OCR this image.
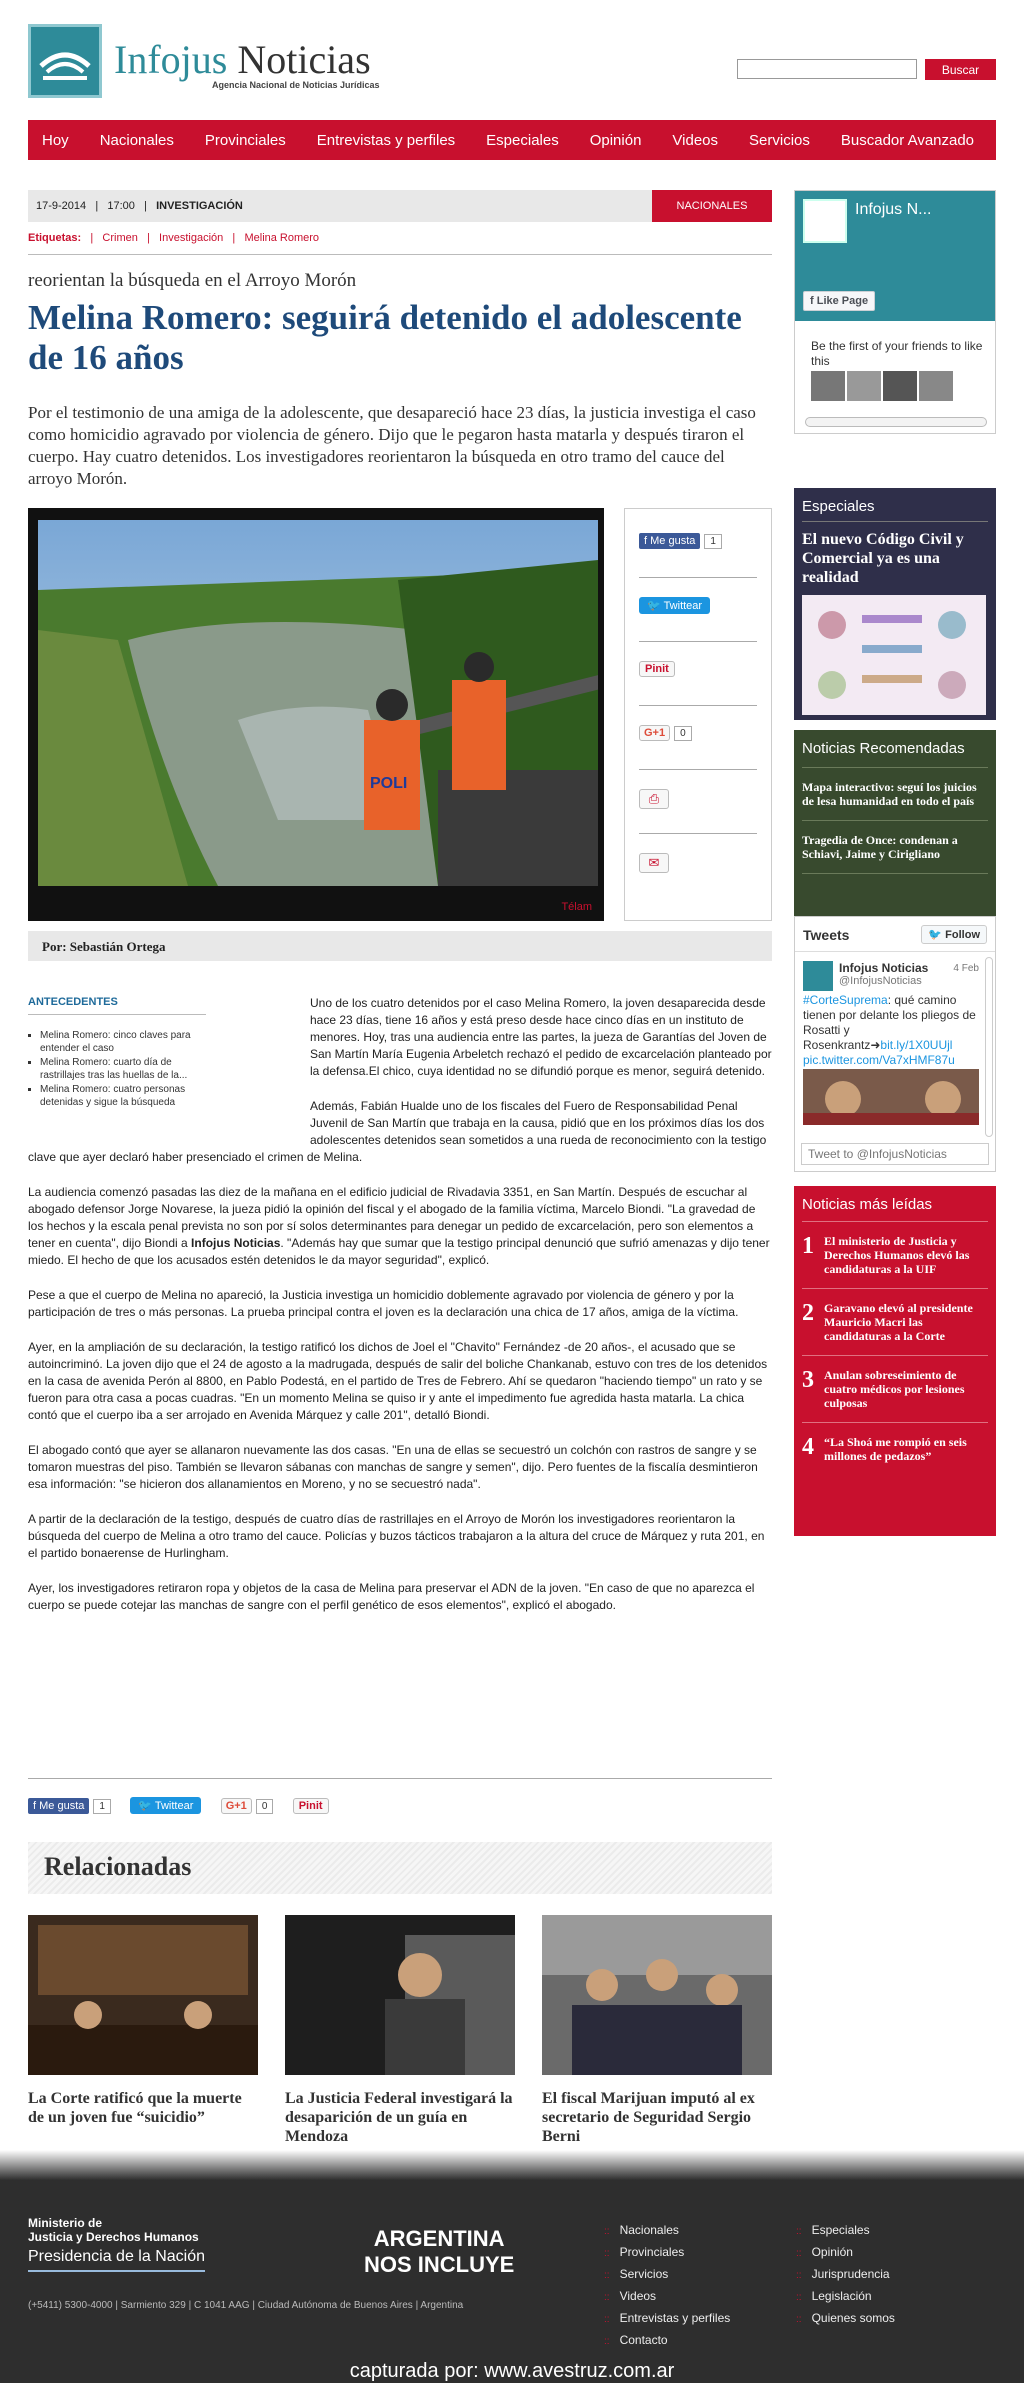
Infojus Noticias
Agencia Nacional de Noticias Jurídicas
Buscar
Hoy Nacionales Provinciales Entrevistas y perfiles Especiales Opinión Videos Servicios Buscador Avanzado
17-9-2014   |   17:00   |   INVESTIGACIÓN	NACIONALES
Etiquetas:   |   Crimen   |   Investigación   |   Melina Romero
reorientan la búsqueda en el Arroyo Morón
Melina Romero: seguirá detenido el adolescente de 16 años

Por el testimonio de una amiga de la adolescente, que desapareció hace 23 días, la justicia investiga el caso como homicidio agravado por violencia de género. Dijo que le pegaron hasta matarla y después tiraron el cuerpo. Hay cuatro detenidos. Los investigadores reorientaron la búsqueda en otro tramo del cauce del arroyo Morón.

POLI
Télam
f Me gusta 1
🐦 Twittear
Pinit
G+1 0
⎙
✉
Por: Sebastián Ortega

Uno de los cuatro detenidos por el caso Melina Romero, la joven desaparecida desde hace 23 días, tiene 16 años y está preso desde hace cinco días en un instituto de menores. Hoy, tras una audiencia entre las partes, la jueza de Garantías del Joven de San Martín María Eugenia Arbeletch rechazó el pedido de excarcelación planteado por la defensa.El chico, cuya identidad no se difundió porque es menor, seguirá detenido.

Además, Fabián Hualde uno de los fiscales del Fuero de Responsabilidad Penal Juvenil de San Martín que trabaja en la causa, pidió que en los próximos días los dos adolescentes detenidos sean sometidos a una rueda de reconocimiento con la testigo clave que ayer declaró haber presenciado el crimen de Melina.

La audiencia comenzó pasadas las diez de la mañana en el edificio judicial de Rivadavia 3351, en San Martín. Después de escuchar al abogado defensor Jorge Novarese, la jueza pidió la opinión del fiscal y el abogado de la familia víctima, Marcelo Biondi. "La gravedad de los hechos y la escala penal prevista no son por sí solos determinantes para denegar un pedido de excarcelación, pero son elementos a tener en cuenta", dijo Biondi a Infojus Noticias. "Además hay que sumar que la testigo principal denunció que sufrió amenazas y dijo tener miedo. El hecho de que los acusados estén detenidos le da mayor seguridad", explicó.

Pese a que el cuerpo de Melina no apareció, la Justicia investiga un homicidio doblemente agravado por violencia de género y por la participación de tres o más personas. La prueba principal contra el joven es la declaración una chica de 17 años, amiga de la víctima.

Ayer, en la ampliación de su declaración, la testigo ratificó los dichos de Joel el "Chavito" Fernández -de 20 años-, el acusado que se autoincriminó. La joven dijo que el 24 de agosto a la madrugada, después de salir del boliche Chankanab, estuvo con tres de los detenidos en la casa de avenida Perón al 8800, en Pablo Podestá, en el partido de Tres de Febrero. Ahí se quedaron "haciendo tiempo" un rato y se fueron para otra casa a pocas cuadras. "En un momento Melina se quiso ir y ante el impedimento fue agredida hasta matarla. La chica contó que el cuerpo iba a ser arrojado en Avenida Márquez y calle 201", detalló Biondi.

El abogado contó que ayer se allanaron nuevamente las dos casas. "En una de ellas se secuestró un colchón con rastros de sangre y se tomaron muestras del piso. También se llevaron sábanas con manchas de sangre y semen", dijo. Pero fuentes de la fiscalía desmintieron esa información: "se hicieron dos allanamientos en Moreno, y no se secuestró nada".

A partir de la declaración de la testigo, después de cuatro días de rastrillajes en el Arroyo de Morón los investigadores reorientaron la búsqueda del cuerpo de Melina a otro tramo del cauce. Policías y buzos tácticos trabajaron a la altura del cruce de Márquez y ruta 201, en el partido bonaerense de Hurlingham.

Ayer, los investigadores retiraron ropa y objetos de la casa de Melina para preservar el ADN de la joven. "En caso de que no aparezca el cuerpo se puede cotejar las manchas de sangre con el perfil genético de esos elementos", explicó el abogado.

ANTECEDENTES
▪ Melina Romero: cinco claves para entender el caso
▪ Melina Romero: cuarto día de rastrillajes tras las huellas de la...
▪ Melina Romero: cuatro personas detenidas y sigue la búsqueda
f Me gusta 1	🐦 Twittear	G+1 0	Pinit
Relacionadas
La Corte ratificó que la muerte de un joven fue “suicidio”
La Justicia Federal investigará la desaparición de un guía en Mendoza
El fiscal Marijuan imputó al ex secretario de Seguridad Sergio Berni
Infojus N...
f Like Page
Be the first of your friends to like this
Especiales
El nuevo Código Civil y Comercial ya es una realidad
Noticias Recomendadas
Mapa interactivo: seguí los juicios de lesa humanidad en todo el país
Tragedia de Once: condenan a Schiavi, Jaime y Cirigliano
Tweets	🐦 Follow
Infojus Noticias
@InfojusNoticias
4 Feb
#CorteSuprema: qué camino tienen por delante los pliegos de Rosatti y Rosenkrantz➜bit.ly/1X0UUjl
pic.twitter.com/Va7xHMF87u
Tweet to @InfojusNoticias
Noticias más leídas
1 El ministerio de Justicia y Derechos Humanos elevó las candidaturas a la UIF
2 Garavano elevó al presidente Mauricio Macri las candidaturas a la Corte
3 Anulan sobreseimiento de cuatro médicos por lesiones culposas
4 “La Shoá me rompió en seis millones de pedazos”
Ministerio de
Justicia y Derechos Humanos
Presidencia de la Nación
ARGENTINA
NOS INCLUYE
(+5411) 5300-4000 | Sarmiento 329 | C 1041 AAG | Ciudad Autónoma de Buenos Aires | Argentina
:: Nacionales
:: Provinciales
:: Servicios
:: Videos
:: Entrevistas y perfiles
:: Contacto
:: Especiales
:: Opinión
:: Jurisprudencia
:: Legislación
:: Quienes somos
capturada por: www.avestruz.com.ar
